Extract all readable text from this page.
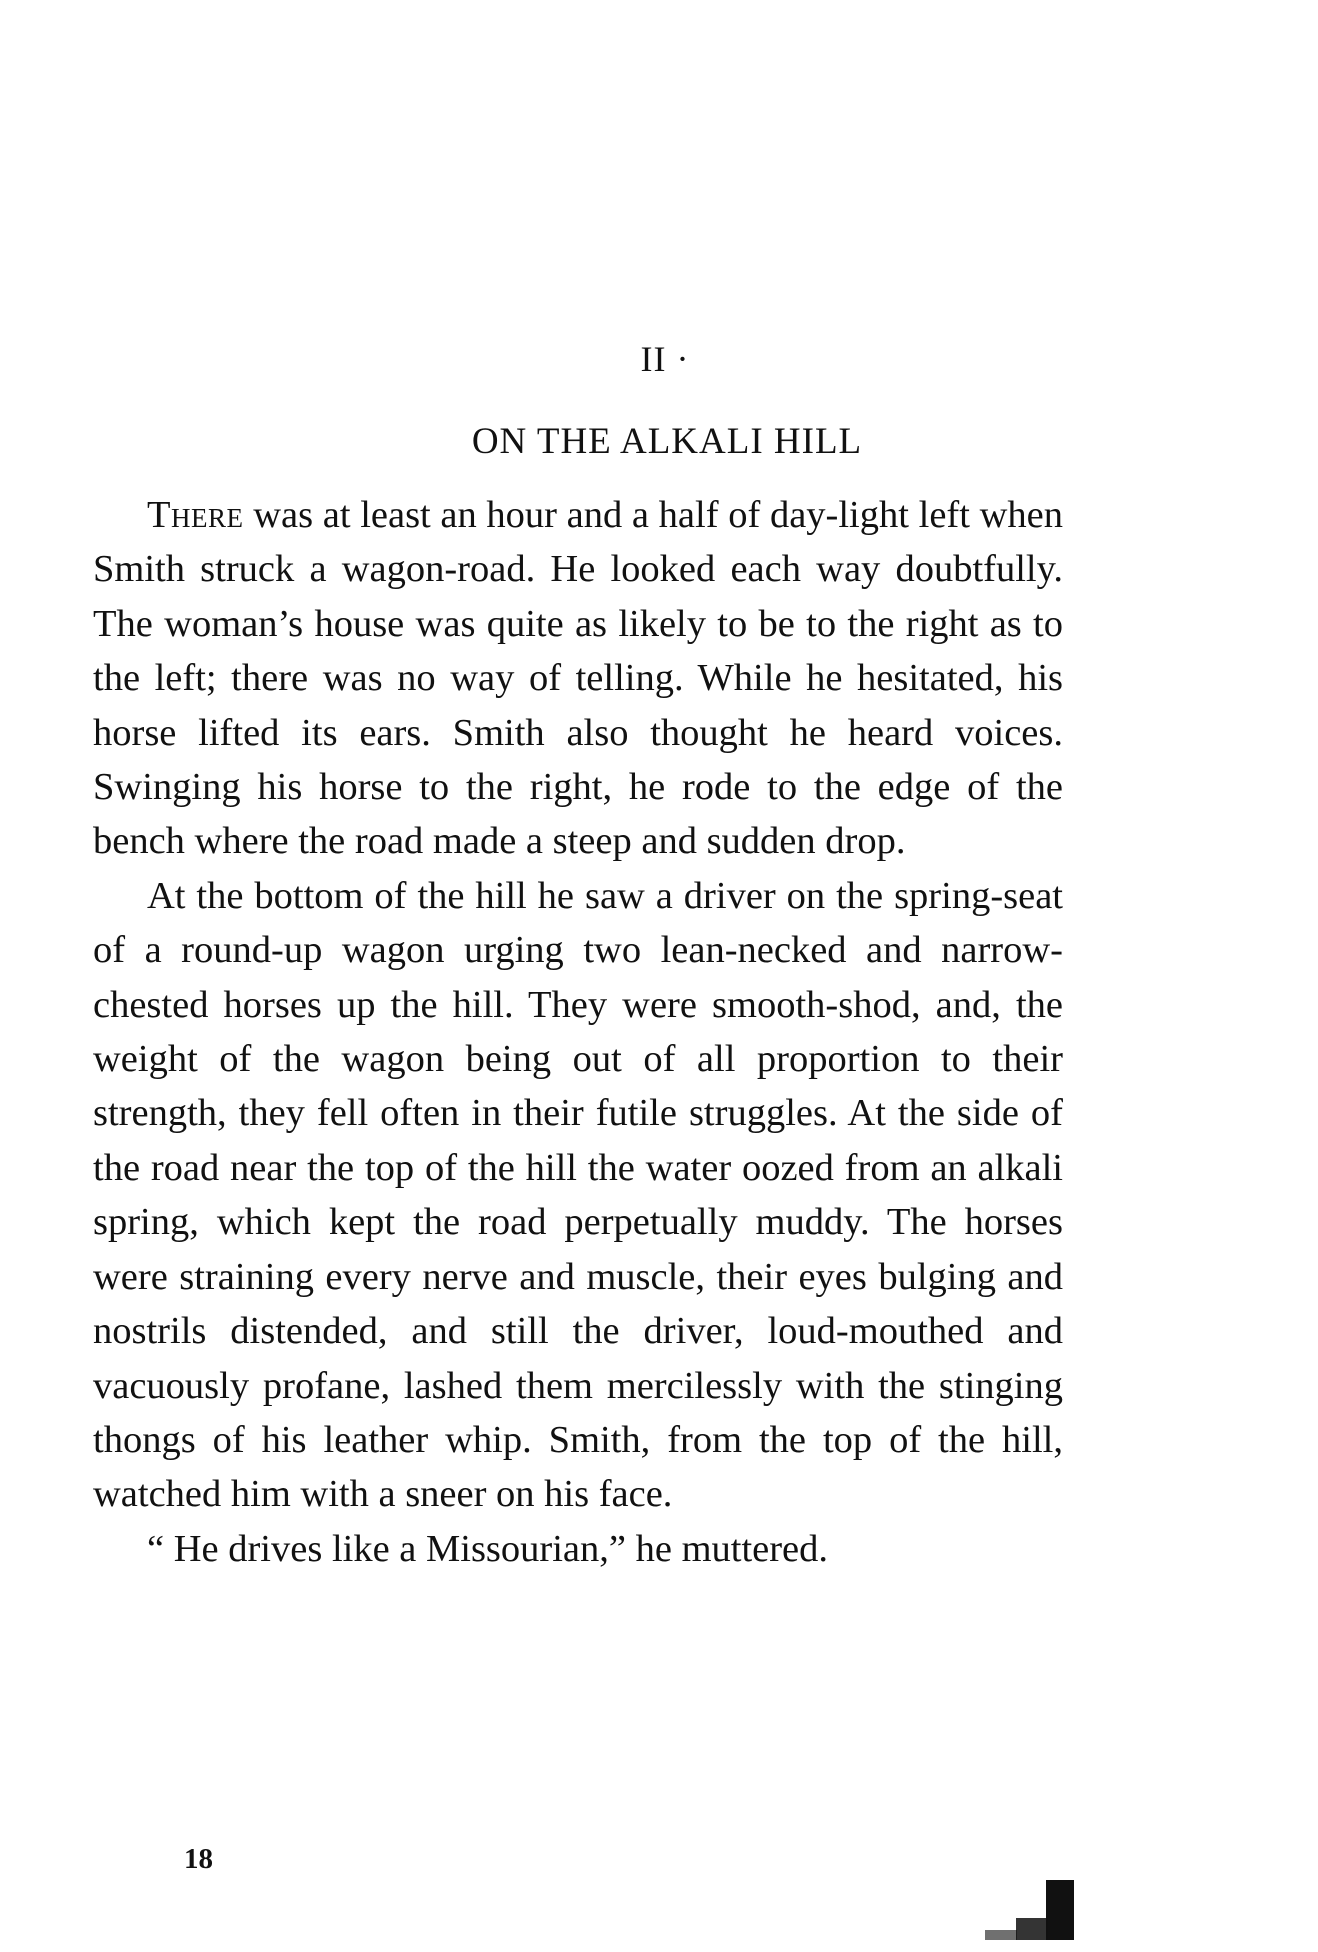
II ·
ON THE ALKALI HILL

There was at least an hour and a half of day-light left when Smith struck a wagon-road. He looked each way doubtfully. The woman’s house was quite as likely to be to the right as to the left; there was no way of telling. While he hesitated, his horse lifted its ears. Smith also thought he heard voices. Swinging his horse to the right, he rode to the edge of the bench where the road made a steep and sudden drop.

At the bottom of the hill he saw a driver on the spring-seat of a round-up wagon urging two lean-necked and narrow-chested horses up the hill. They were smooth-shod, and, the weight of the wagon being out of all proportion to their strength, they fell often in their futile struggles. At the side of the road near the top of the hill the water oozed from an alkali spring, which kept the road perpetually muddy. The horses were straining every nerve and muscle, their eyes bulging and nostrils distended, and still the driver, loud-mouthed and vacuously profane, lashed them mercilessly with the stinging thongs of his leather whip. Smith, from the top of the hill, watched him with a sneer on his face.

“ He drives like a Missourian,” he muttered.

18
